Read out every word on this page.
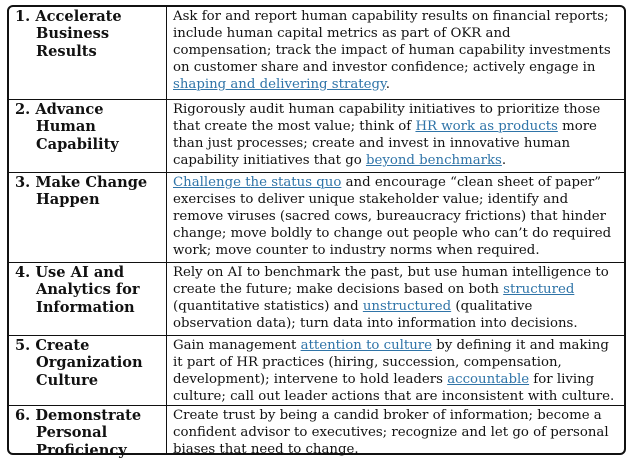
1. Accelerate
Business
Results
Ask for and report human capability results on financial reports;
include human capital metrics as part of OKR and
compensation; track the impact of human capability investments
on customer share and investor confidence; actively engage in
shaping and delivering strategy.
2. Advance
Human
Capability
Rigorously audit human capability initiatives to prioritize those
that create the most value; think of HR work as products more
than just processes; create and invest in innovative human
capability initiatives that go beyond benchmarks.
3. Make Change
Happen
Challenge the status quo and encourage “clean sheet of paper”
exercises to deliver unique stakeholder value; identify and
remove viruses (sacred cows, bureaucracy frictions) that hinder
change; move boldly to change out people who can’t do required
work; move counter to industry norms when required.
4. Use AI and
Analytics for
Information
Rely on AI to benchmark the past, but use human intelligence to
create the future; make decisions based on both structured
(quantitative statistics) and unstructured (qualitative
observation data); turn data into information into decisions.
5. Create
Organization
Culture
Gain management attention to culture by defining it and making
it part of HR practices (hiring, succession, compensation,
development); intervene to hold leaders accountable for living
culture; call out leader actions that are inconsistent with culture.
6. Demonstrate
Personal
Proficiency
Create trust by being a candid broker of information; become a
confident advisor to executives; recognize and let go of personal
biases that need to change.
